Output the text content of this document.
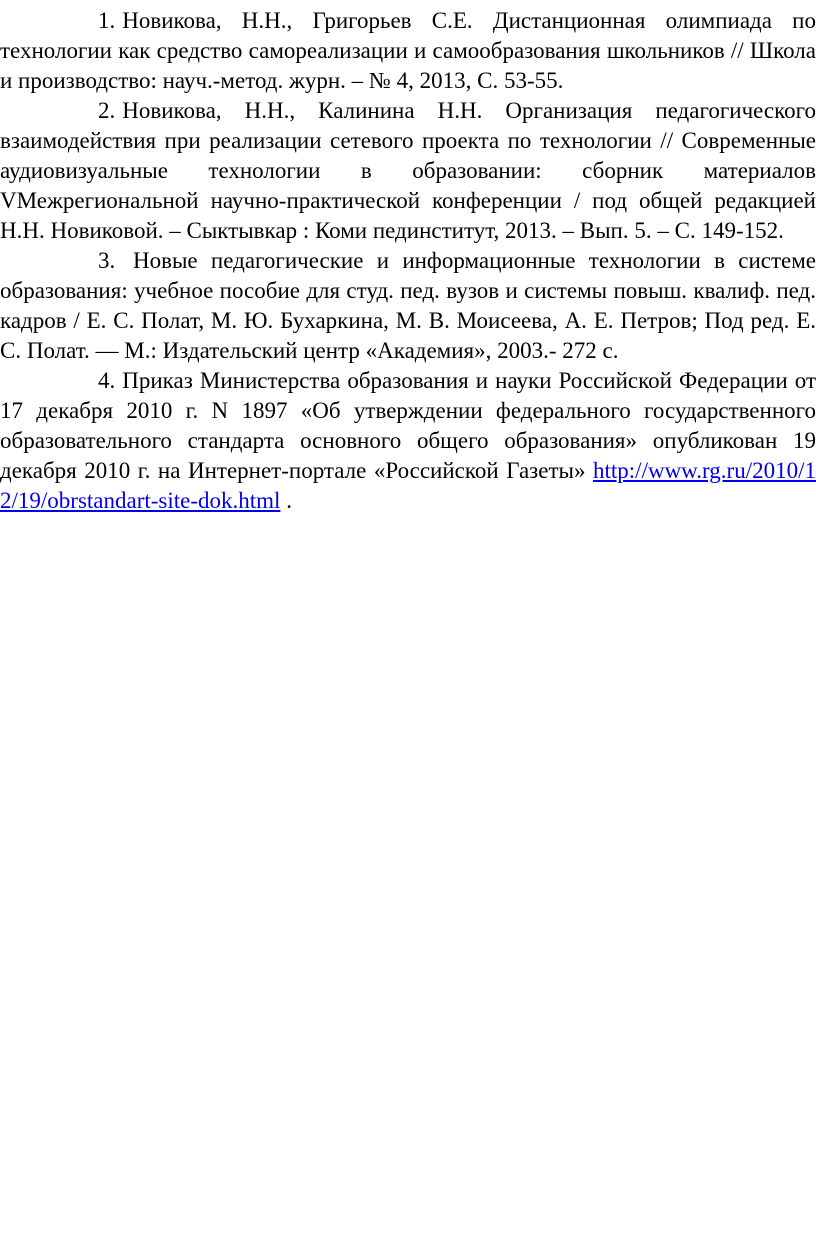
1. Новикова, Н.Н., Григорьев С.Е. Дистанционная олимпиада по технологии как средство самореализации и самообразования школьников // Школа и производство: науч.-метод. журн. – № 4, 2013, С. 53-55.

2. Новикова, Н.Н., Калинина Н.Н. Организация педагогического взаимодействия при реализации сетевого проекта по технологии // Современные аудиовизуальные технологии в образовании: сборник материалов VМежрегиональной научно-практической конференции / под общей редакцией Н.Н. Новиковой. – Сыктывкар : Коми пединститут, 2013. – Вып. 5. – С. 149-152.

3. Новые педагогические и информационные технологии в системе образования: учебное пособие для студ. пед. вузов и системы повыш. квалиф. пед. кадров / Е. С. Полат, М. Ю. Бухаркина, М. В. Моисеева, А. Е. Петров; Под ред. Е. С. Полат. — М.: Издательский центр «Академия», 2003.- 272 с.

4. Приказ Министерства образования и науки Российской Федерации от 17 декабря 2010 г. N 1897 «Об утверждении федерального государственного образовательного стандарта основного общего образования» опубликован 19 декабря 2010 г. на Интернет-портале «Российской Газеты» http://www.rg.ru/2010/12/19/obrstandart-site-dok.html .
